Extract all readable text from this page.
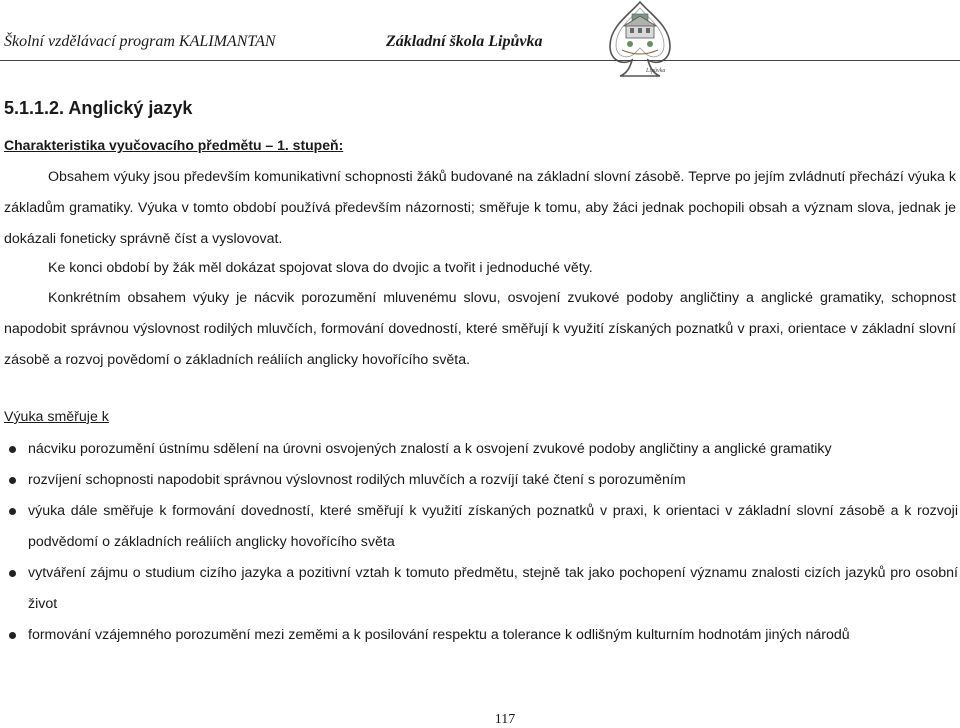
Školní vzdělávací program KALIMANTAN	Základní škola Lipůvka
Lipůvka
5.1.1.2. Anglický jazyk
Charakteristika vyučovacího předmětu – 1. stupeň:
Obsahem výuky jsou především komunikativní schopnosti žáků budované na základní slovní zásobě. Teprve po jejím zvládnutí přechází výuka k základům gramatiky. Výuka v tomto období používá především názornosti; směřuje k tomu, aby žáci jednak pochopili obsah a význam slova, jednak je dokázali foneticky správně číst a vyslovovat.
Ke konci období by žák měl dokázat spojovat slova do dvojic a tvořit i jednoduché věty.
Konkrétním obsahem výuky je nácvik porozumění mluvenému slovu, osvojení zvukové podoby angličtiny a anglické gramatiky, schopnost napodobit správnou výslovnost rodilých mluvčích, formování dovedností, které směřují k využití získaných poznatků v praxi, orientace v základní slovní zásobě a rozvoj povědomí o základních reáliích anglicky hovořícího světa.
Výuka směřuje k
nácviku porozumění ústnímu sdělení na úrovni osvojených znalostí a k osvojení zvukové podoby angličtiny a anglické gramatiky
rozvíjení schopnosti napodobit správnou výslovnost rodilých mluvčích a rozvíjí také čtení s porozuměním
výuka dále směřuje k formování dovedností, které směřují k využití získaných poznatků v praxi, k orientaci v základní slovní zásobě a k rozvoji podvědomí o základních reáliích anglicky hovořícího světa
vytváření zájmu o studium cizího jazyka a pozitivní vztah k tomuto předmětu, stejně tak jako pochopení významu znalosti cizích jazyků pro osobní život
formování vzájemného porozumění mezi zeměmi a k posilování respektu a tolerance k odlišným kulturním hodnotám jiných národů
117
